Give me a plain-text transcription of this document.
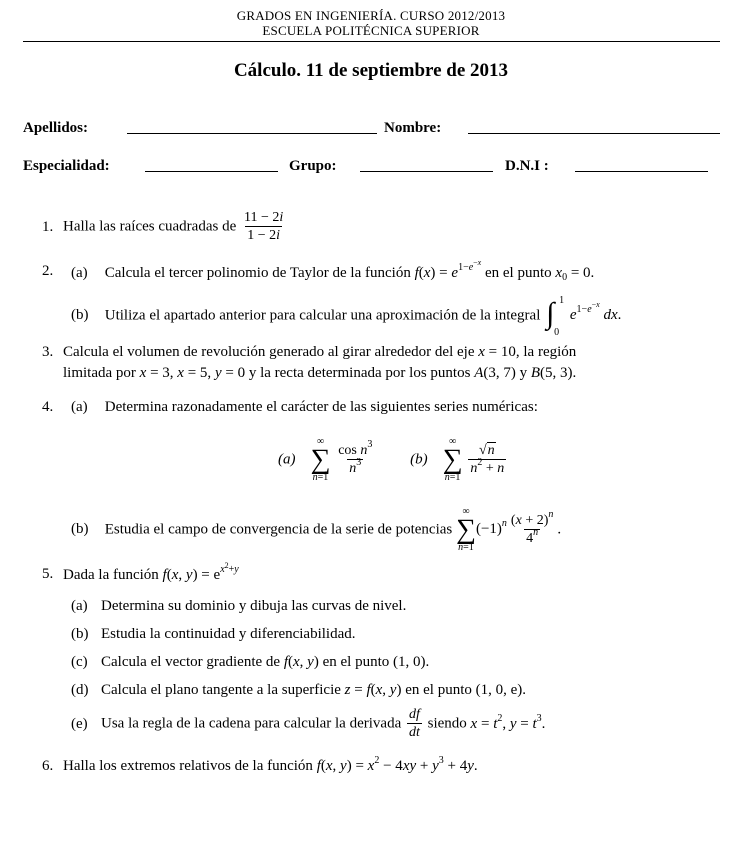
GRADOS EN INGENIERÍA. CURSO 2012/2013
ESCUELA POLITÉCNICA SUPERIOR
Cálculo. 11 de septiembre de 2013
Apellidos:	Nombre:
Especialidad:	Grupo:	D.N.I :
1. Halla las raíces cuadradas de $\frac{11 - 2i}{1 - 2i}$
2. (a) Calcula el tercer polinomio de Taylor de la función $f(x) = e^{1-e^{-x}}$ en el punto $x_0 = 0$.
(b) Utiliza el apartado anterior para calcular una aproximación de la integral ∫ 1
0
$e^{1-e^{-x}}$ dx.
3. Calcula el volumen de revolución generado al girar alrededor del eje x = 10, la región
limitada por x = 3, x = 5, y = 0 y la recta determinada por los puntos A(3, 7) y B(5, 3).
4. (a) Determina razonadamente el carácter de las siguientes series numéricas:
(a)
∞
∑
n=1

$\frac{\cos n^3}{n^3} (b)$
∞
∑
n=1

$\frac{√n}{n^2 + n}$
(b) Estudia el campo de convergencia de la serie de potencias
∞
∑
n=1
$(-1)^n \frac{(x + 2)^n}{4^n}$ .
5. Dada la función f(x, $y) = e^{x^2+y}$
(a) Determina su dominio y dibuja las curvas de nivel.
(b) Estudia la continuidad y diferenciabilidad.
(c) Calcula el vector gradiente de f(x, y) en el punto (1, 0).
(d) Calcula el plano tangente a la superficie z = f(x, y) en el punto (1, 0, e).
(e) Usa la regla de la cadena para calcular la derivada $\frac{df}{dt}$ siendo $x = t^2$, $y = t^3$.
6. Halla los extremos relativos de la función f(x, $y) = x^2 - 4xy + y^3 + 4y$.
